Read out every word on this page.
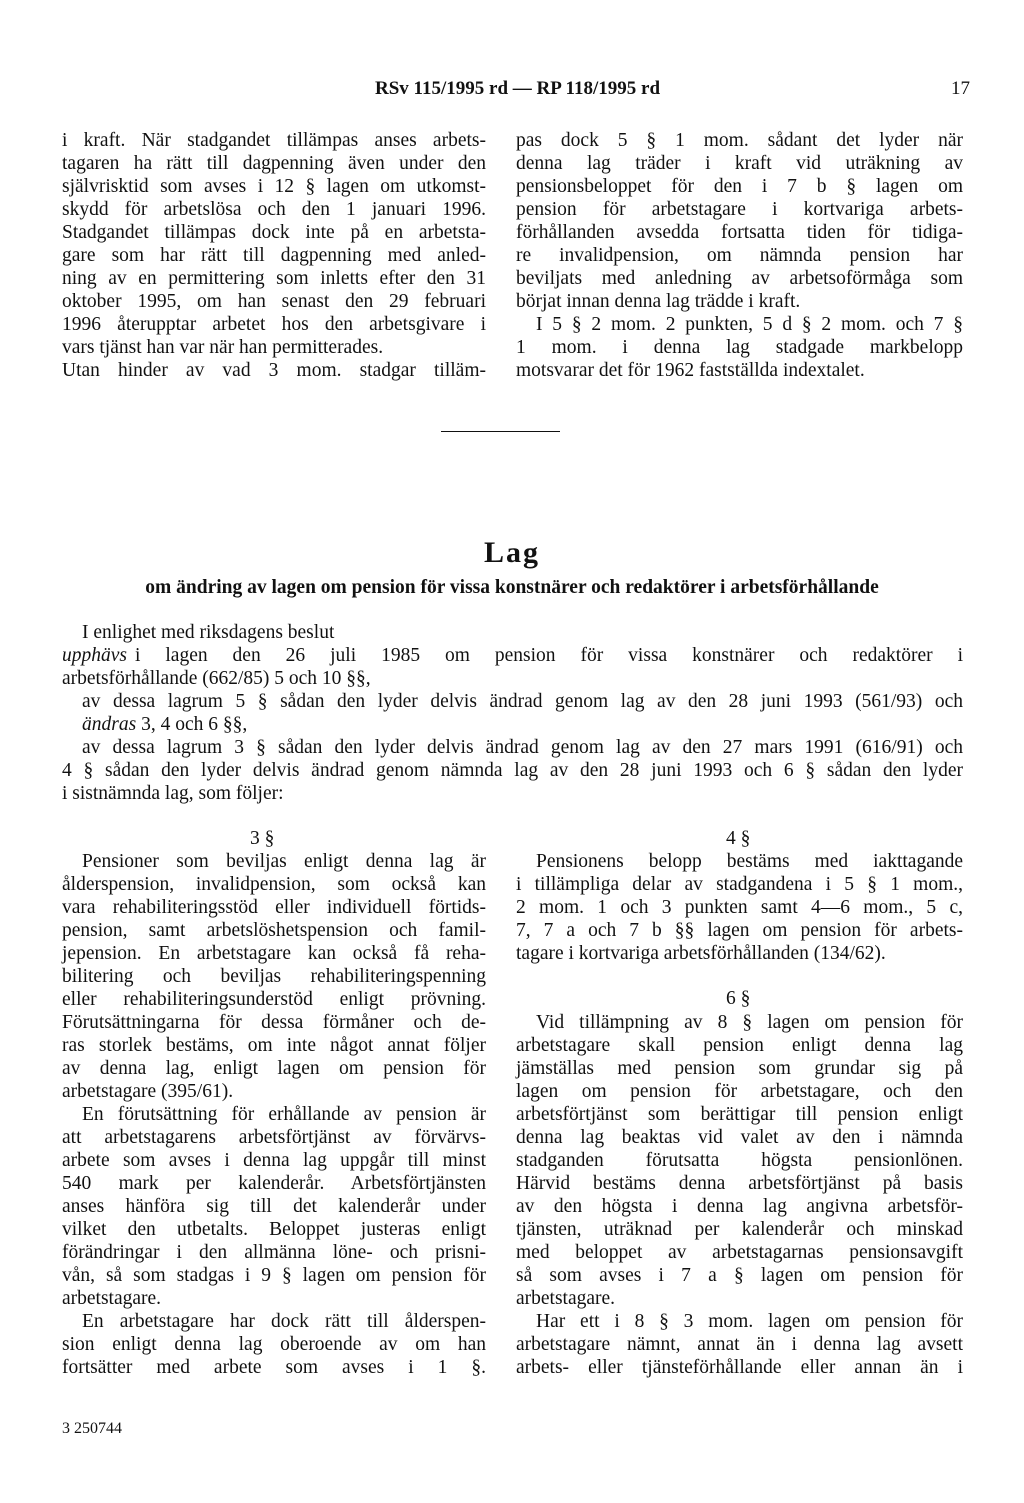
RSv 115/1995 rd — RP 118/1995 rd	17
i kraft. När stadgandet tillämpas anses arbets-
tagaren ha rätt till dagpenning även under den
självrisktid som avses i 12 § lagen om utkomst-
skydd för arbetslösa och den 1 januari 1996.
Stadgandet tillämpas dock inte på en arbetsta-
gare som har rätt till dagpenning med anled-
ning av en permittering som inletts efter den 31
oktober 1995, om han senast den 29 februari
1996 återupptar arbetet hos den arbetsgivare i
vars tjänst han var när han permitterades.
Utan hinder av vad 3 mom. stadgar tilläm-
pas dock 5 § 1 mom. sådant det lyder när
denna lag träder i kraft vid uträkning av
pensionsbeloppet för den i 7 b § lagen om
pension för arbetstagare i kortvariga arbets-
förhållanden avsedda fortsatta tiden för tidiga-
re invalidpension, om nämnda pension har
beviljats med anledning av arbetsoförmåga som
börjat innan denna lag trädde i kraft.
I 5 § 2 mom. 2 punkten, 5 d § 2 mom. och 7 §
1 mom. i denna lag stadgade markbelopp
motsvarar det för 1962 fastställda indextalet.
Lag
om ändring av lagen om pension för vissa konstnärer och redaktörer i arbetsförhållande
I enlighet med riksdagens beslut
upphävs i lagen den 26 juli 1985 om pension för vissa konstnärer och redaktörer i
arbetsförhållande (662/85) 5 och 10 §§,
av dessa lagrum 5 § sådan den lyder delvis ändrad genom lag av den 28 juni 1993 (561/93) och
ändras 3, 4 och 6 §§,
av dessa lagrum 3 § sådan den lyder delvis ändrad genom lag av den 27 mars 1991 (616/91) och
4 § sådan den lyder delvis ändrad genom nämnda lag av den 28 juni 1993 och 6 § sådan den lyder
i sistnämnda lag, som följer:
3 §
Pensioner som beviljas enligt denna lag är
ålderspension, invalidpension, som också kan
vara rehabiliteringsstöd eller individuell förtids-
pension, samt arbetslöshetspension och famil-
jepension. En arbetstagare kan också få reha-
bilitering och beviljas rehabiliteringspenning
eller rehabiliteringsunderstöd enligt prövning.
Förutsättningarna för dessa förmåner och de-
ras storlek bestäms, om inte något annat följer
av denna lag, enligt lagen om pension för
arbetstagare (395/61).
En förutsättning för erhållande av pension är
att arbetstagarens arbetsförtjänst av förvärvs-
arbete som avses i denna lag uppgår till minst
540 mark per kalenderår. Arbetsförtjänsten
anses hänföra sig till det kalenderår under
vilket den utbetalts. Beloppet justeras enligt
förändringar i den allmänna löne- och prisni-
vån, så som stadgas i 9 § lagen om pension för
arbetstagare.
En arbetstagare har dock rätt till ålderspen-
sion enligt denna lag oberoende av om han
fortsätter med arbete som avses i 1 §.
4 §
Pensionens belopp bestäms med iakttagande
i tillämpliga delar av stadgandena i 5 § 1 mom.,
2 mom. 1 och 3 punkten samt 4—6 mom., 5 c,
7, 7 a och 7 b §§ lagen om pension för arbets-
tagare i kortvariga arbetsförhållanden (134/62).
6 §
Vid tillämpning av 8 § lagen om pension för
arbetstagare skall pension enligt denna lag
jämställas med pension som grundar sig på
lagen om pension för arbetstagare, och den
arbetsförtjänst som berättigar till pension enligt
denna lag beaktas vid valet av den i nämnda
stadganden förutsatta högsta pensionlönen.
Härvid bestäms denna arbetsförtjänst på basis
av den högsta i denna lag angivna arbetsför-
tjänsten, uträknad per kalenderår och minskad
med beloppet av arbetstagarnas pensionsavgift
så som avses i 7 a § lagen om pension för
arbetstagare.
Har ett i 8 § 3 mom. lagen om pension för
arbetstagare nämnt, annat än i denna lag avsett
arbets- eller tjänsteförhållande eller annan än i
3 250744
